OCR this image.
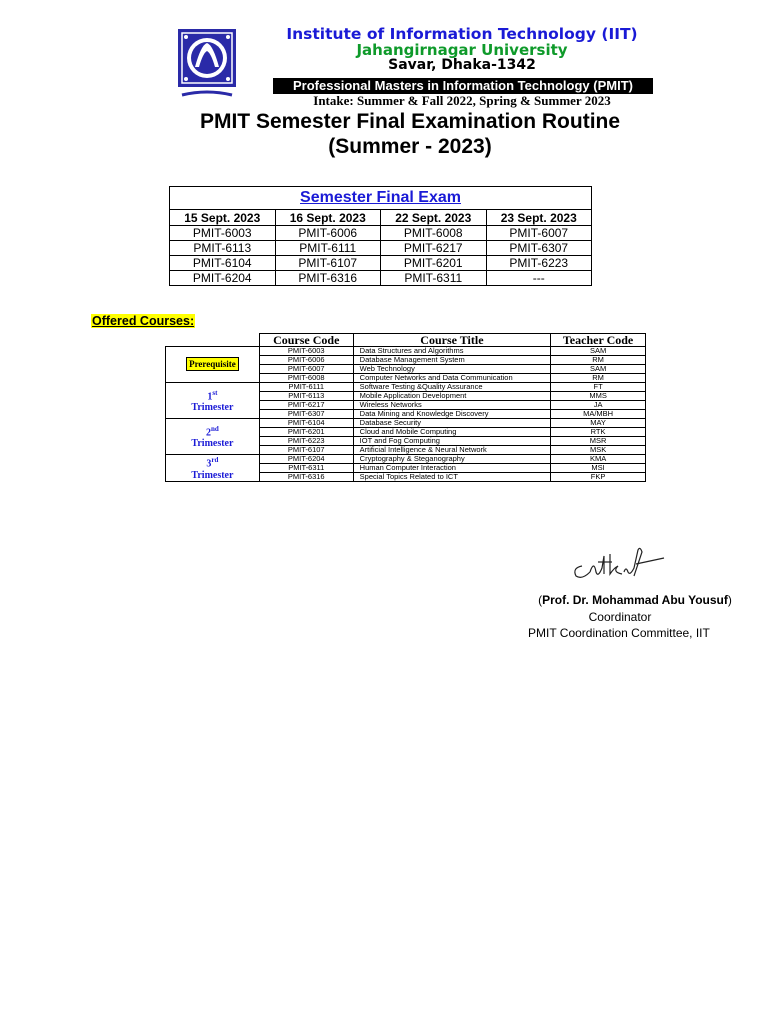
Institute of Information Technology (IIT)
Jahangirnagar University
Savar, Dhaka-1342
Professional Masters in Information Technology (PMIT)
Intake: Summer & Fall 2022, Spring & Summer 2023
PMIT Semester Final Examination Routine
(Summer - 2023)
Semester Final Exam			
15 Sept. 2023	16 Sept. 2023	22 Sept. 2023	23 Sept. 2023
PMIT-6003	PMIT-6006	PMIT-6008	PMIT-6007
PMIT-6113	PMIT-6111	PMIT-6217	PMIT-6307
PMIT-6104	PMIT-6107	PMIT-6201	PMIT-6223
PMIT-6204	PMIT-6316	PMIT-6311	---
Offered Courses:
	Course Code	Course Title	Teacher Code
Prerequisite	PMIT-6003	Data Structures and Algorithms	SAM
	PMIT-6006	Database Management System	RM
	PMIT-6007	Web Technology	SAM
	PMIT-6008	Computer Networks and Data Communication	RM
1st
Trimester	PMIT-6111	Software Testing &Quality Assurance	FT
	PMIT-6113	Mobile Application Development	MMS
	PMIT-6217	Wireless Networks	JA
	PMIT-6307	Data Mining and Knowledge Discovery	MA/MBH
2nd
Trimester	PMIT-6104	Database Security	MAY
	PMIT-6201	Cloud and Mobile Computing	RTK
	PMIT-6223	IOT and Fog Computing	MSR
	PMIT-6107	Artificial Intelligence & Neural Network	MSK
3rd
Trimester	PMIT-6204	Cryptography & Steganography	KMA
	PMIT-6311	Human Computer Interaction	MSI
	PMIT-6316	Special Topics Related to ICT	FKP
(Prof. Dr. Mohammad Abu Yousuf)
Coordinator
PMIT Coordination Committee, IIT
